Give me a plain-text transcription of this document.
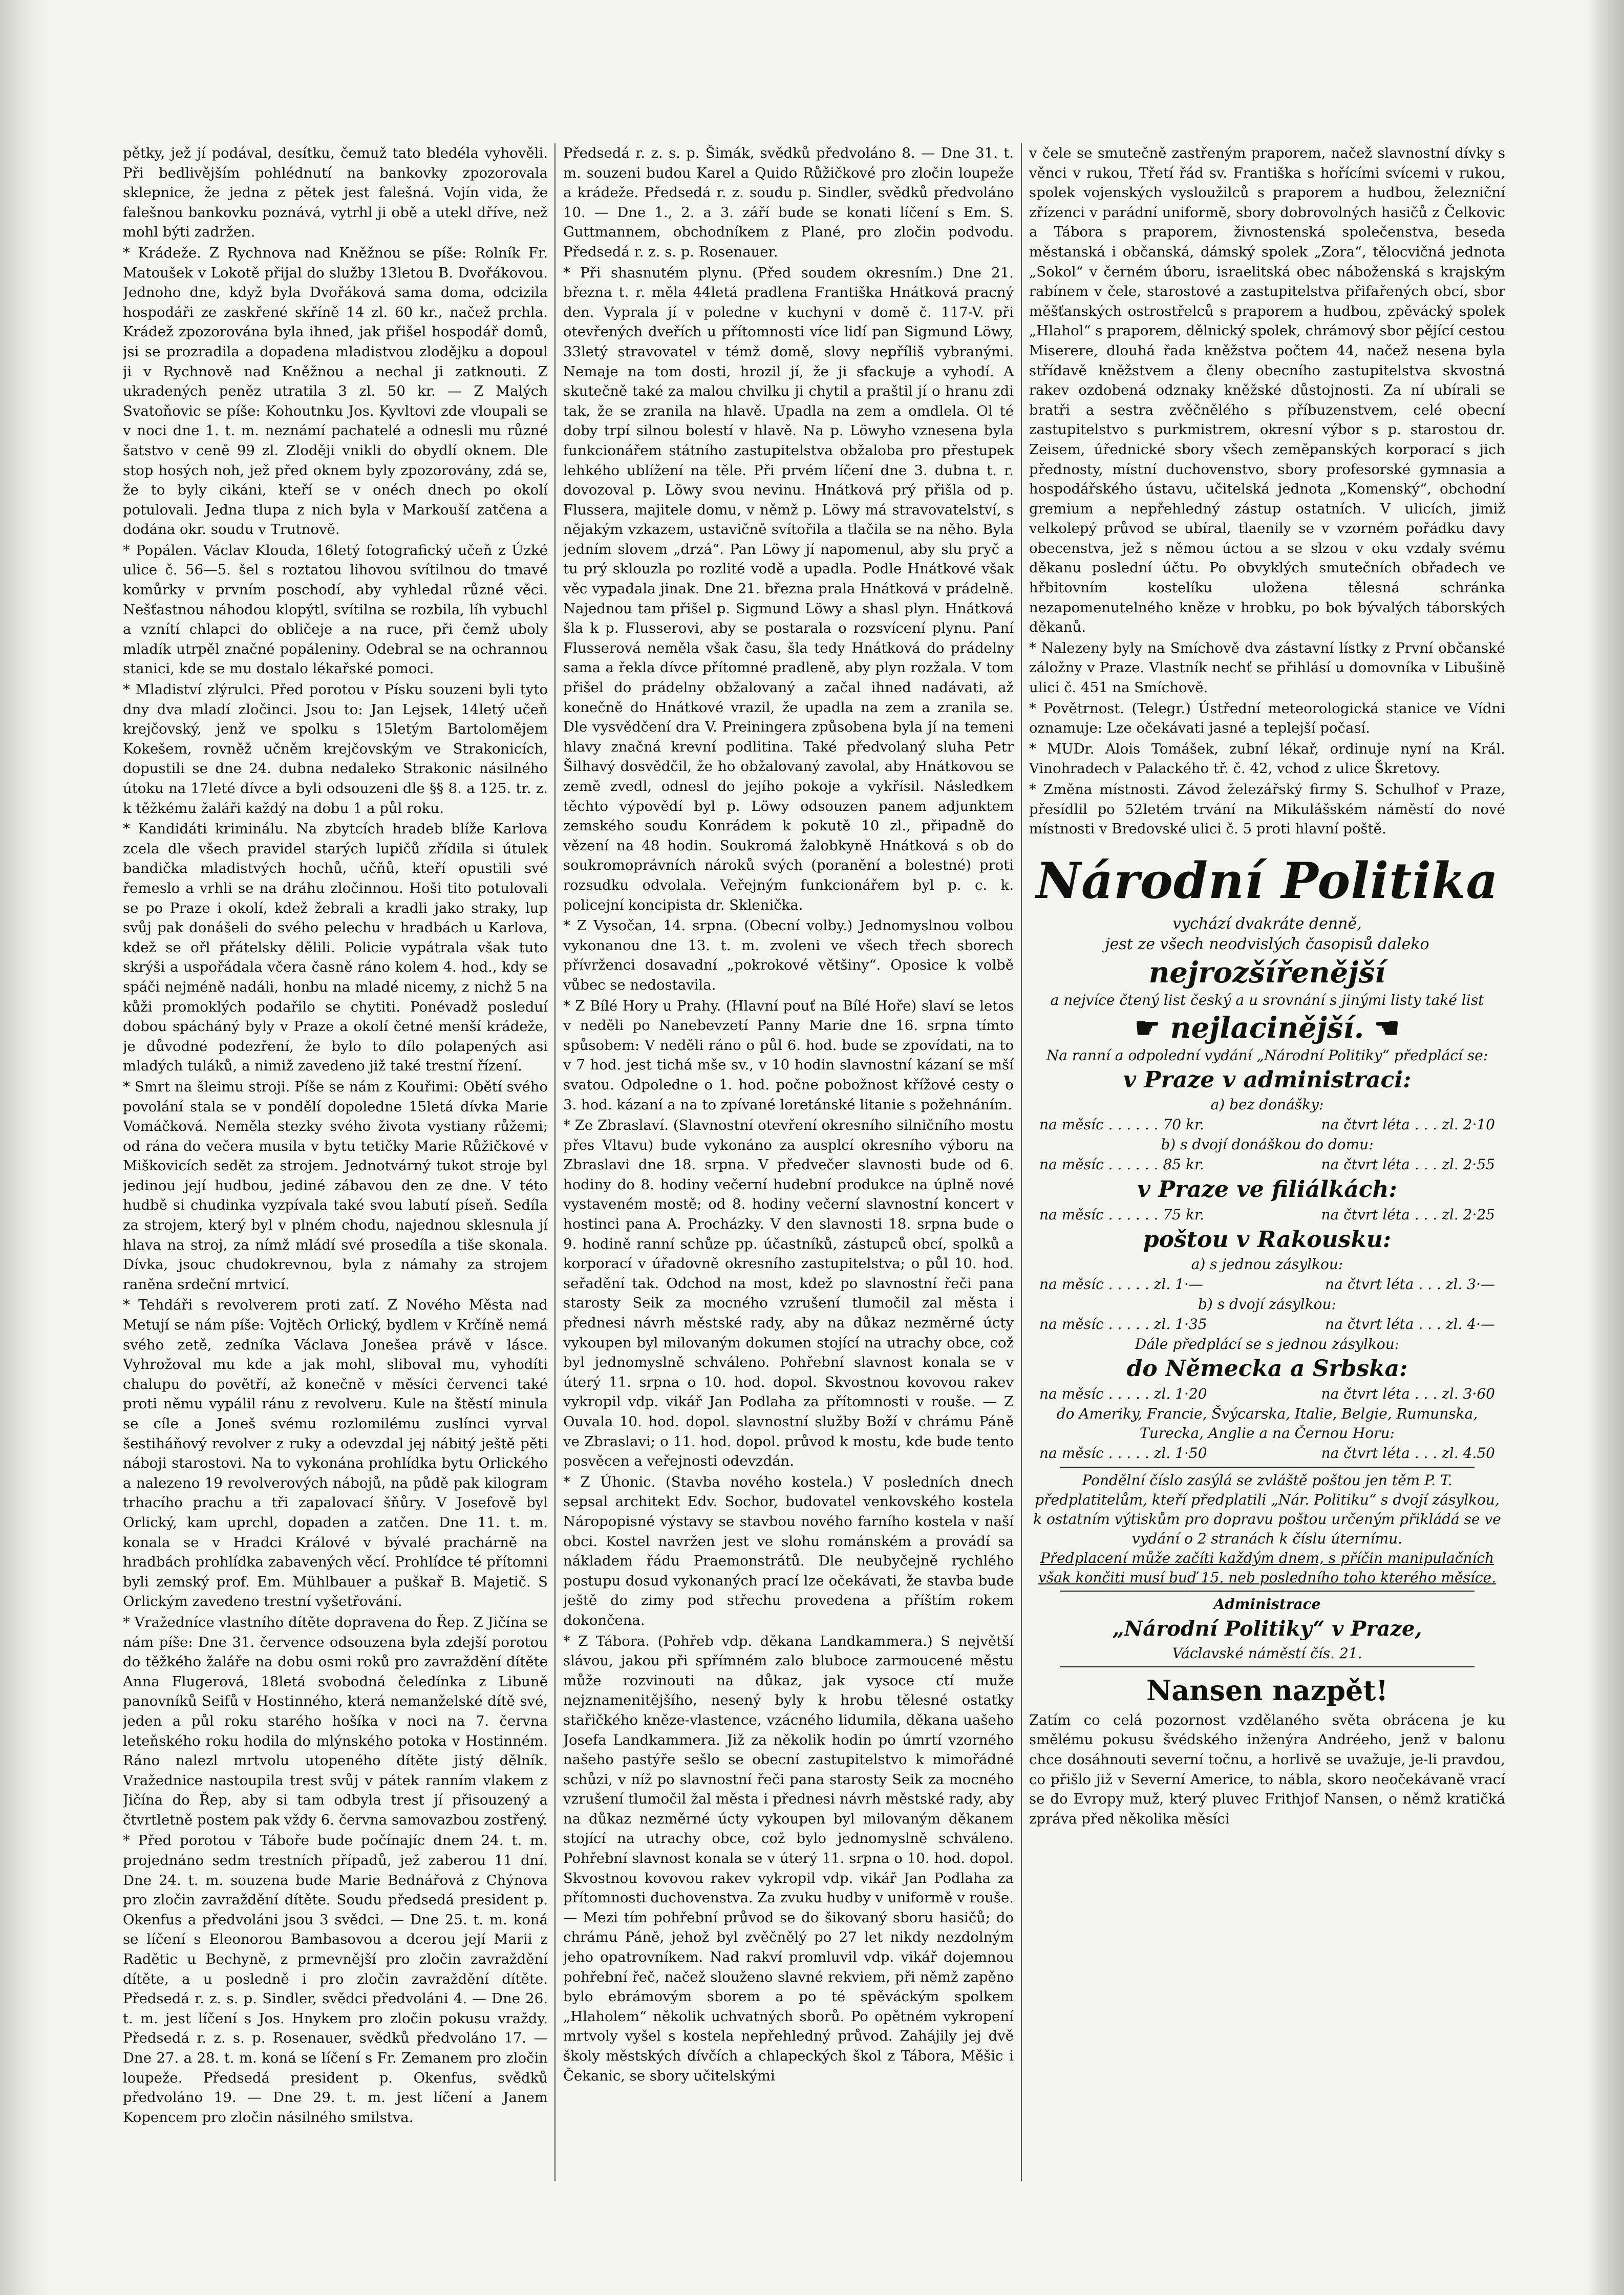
pětky, jež jí podával, desítku, čemuž tato bledéla vyhověli. Při bedlivějším pohlédnutí na bankovky zpozorovala sklepnice, že jedna z pětek jest falešná. Vojín vida, že falešnou bankovku poznává, vytrhl ji obě a utekl dříve, než mohl býti zadržen.

* Krádeže. Z Rychnova nad Kněžnou se píše: Rolník Fr. Matoušek v Lokotě přijal do služby 13letou B. Dvořákovou. Jednoho dne, když byla Dvořáková sama doma, odcizila hospodáři ze zaskřené skříně 14 zl. 60 kr., načež prchla. Krádež zpozorována byla ihned, jak přišel hospodář domů, jsi se prozradila a dopadena mladistvou zlodějku a dopoul ji v Rychnově nad Kněžnou a nechal ji zatknouti. Z ukradených peněz utratila 3 zl. 50 kr. — Z Malých Svatoňovic se píše: Kohoutnku Jos. Kyvltovi zde vloupali se v noci dne 1. t. m. neznámí pachatelé a odnesli mu různé šatstvo v ceně 99 zl. Zloději vnikli do obydlí oknem. Dle stop hosých noh, jež před oknem byly zpozorovány, zdá se, že to byly cikáni, kteří se v onéch dnech po okolí potulovali. Jedna tlupa z nich byla v Markouší zatčena a dodána okr. soudu v Trutnově.

* Popálen. Václav Klouda, 16letý fotografický učeň z Úzké ulice č. 56—5. šel s roztatou lihovou svítilnou do tmavé komůrky v prvním poschodí, aby vyhledal různé věci. Nešťastnou náhodou klopýtl, svítilna se rozbila, líh vybuchl a vznítí chlapci do obličeje a na ruce, při čemž uboly mladík utrpěl značné popáleniny. Odebral se na ochrannou stanici, kde se mu dostalo lékařské pomoci.

* Mladiství zlýrulci. Před porotou v Písku souzeni byli tyto dny dva mladí zločinci. Jsou to: Jan Lejsek, 14letý učeň krejčovský, jenž ve spolku s 15letým Bartolomějem Kokešem, rovněž učněm krejčovským ve Strakonicích, dopustili se dne 24. dubna nedaleko Strakonic násilného útoku na 17leté dívce a byli odsouzeni dle §§ 8. a 125. tr. z. k těžkému žaláři každý na dobu 1 a půl roku.

* Kandidáti kriminálu. Na zbytcích hradeb blíže Karlova zcela dle všech pravidel starých lupičů zřídila si útulek bandička mladistvých hochů, učňů, kteří opustili své řemeslo a vrhli se na dráhu zločinnou. Hoši tito potulovali se po Praze i okolí, kdež žebrali a kradli jako straky, lup svůj pak donášeli do svého pelechu v hradbách u Karlova, kdež se ořl přátelsky dělili. Policie vypátrala však tuto skrýši a uspořádala včera časně ráno kolem 4. hod., kdy se spáči nejméně nadáli, honbu na mladé nicemy, z nichž 5 na kůži promoklých podařilo se chytiti. Ponévadž posleduí dobou spácháný byly v Praze a okolí četné menší krádeže, je důvodné podezření, že bylo to dílo polapených asi mladých tuláků, a nimiž zavedeno již také trestní řízení.

* Smrt na šleimu stroji. Píše se nám z Kouřimi: Obětí svého povolání stala se v pondělí dopoledne 15letá dívka Marie Vomáčková. Neměla stezky svého života vystiany růžemi; od rána do večera musila v bytu tetičky Marie Růžičkové v Miškovicích sedět za strojem. Jednotvárný tukot stroje byl jedinou její hudbou, jediné zábavou den ze dne. V této hudbě si chudinka vyzpívala také svou labutí píseň. Sedíla za strojem, který byl v plném chodu, najednou sklesnula jí hlava na stroj, za nímž mládí své prosedíla a tiše skonala. Dívka, jsouc chudokrevnou, byla z námahy za strojem raněna srdeční mrtvicí.

* Tehdáři s revolverem proti zatí. Z Nového Města nad Metují se nám píše: Vojtěch Orlický, bydlem v Krčíně nemá svého zetě, zedníka Václava Jonešea právě v lásce. Vyhrožoval mu kde a jak mohl, sliboval mu, vyhodíti chalupu do povětří, až konečně v měsíci červenci také proti němu vypálil ránu z revolveru. Kule na štěstí minula se cíle a Joneš svému rozlomilému zuslínci vyrval šestiháňový revolver z ruky a odevzdal jej nábitý ještě pěti náboji starostovi. Na to vykonána prohlídka bytu Orlického a nalezeno 19 revolverových nábojů, na půdě pak kilogram trhacího prachu a tři zapalovací šňůry. V Josefově byl Orlický, kam uprchl, dopaden a zatčen. Dne 11. t. m. konala se v Hradci Králové v bývalé prachárně na hradbách prohlídka zabavených věcí. Prohlídce té přítomni byli zemský prof. Em. Mühlbauer a puškař B. Majetič. S Orlickým zavedeno trestní vyšetřování.

* Vražedníce vlastního dítěte dopravena do Řep. Z Jičína se nám píše: Dne 31. července odsouzena byla zdejší porotou do těžkého žaláře na dobu osmi roků pro zavraždění dítěte Anna Flugerová, 18letá svobodná čeledínka z Libuně panovníků Seifů v Hostinného, která nemanželské dítě své, jeden a půl roku starého hošíka v noci na 7. června leteňského roku hodila do mlýnského potoka v Hostinném. Ráno nalezl mrtvolu utopeného dítěte jistý dělník. Vražednice nastoupila trest svůj v pátek ranním vlakem z Jičína do Řep, aby si tam odbyla trest jí přisouzený a čtvrtletně postem pak vždy 6. června samovazbou zostřený.

* Před porotou v Táboře bude počínajíc dnem 24. t. m. projednáno sedm trestních případů, jež zaberou 11 dní. Dne 24. t. m. souzena bude Marie Bednářová z Chýnova pro zločin zavraždění dítěte. Soudu předsedá president p. Okenfus a předvoláni jsou 3 svědci. — Dne 25. t. m. koná se líčení s Eleonorou Bambasovou a dcerou její Marii z Radětic u Bechyně, z prmevnější pro zločin zavraždění dítěte, a u posledně i pro zločin zavraždění dítěte. Předsedá r. z. s. p. Sindler, svědci předvoláni 4. — Dne 26. t. m. jest líčení s Jos. Hnykem pro zločin pokusu vraždy. Předsedá r. z. s. p. Rosenauer, svědků předvoláno 17. — Dne 27. a 28. t. m. koná se líčení s Fr. Zemanem pro zločin loupeže. Předsedá president p. Okenfus, svědků předvoláno 19. — Dne 29. t. m. jest líčení a Janem Kopencem pro zločin násilného smilstva.

Předsedá r. z. s. p. Šimák, svědků předvoláno 8. — Dne 31. t. m. souzeni budou Karel a Quido Růžičkové pro zločin loupeže a krádeže. Předsedá r. z. soudu p. Sindler, svědků předvoláno 10. — Dne 1., 2. a 3. září bude se konati líčení s Em. S. Guttmannem, obchodníkem z Plané, pro zločin podvodu. Předsedá r. z. s. p. Rosenauer.

* Při shasnutém plynu. (Před soudem okresním.) Dne 21. března t. r. měla 44letá pradlena Františka Hnátková pracný den. Vyprala jí v poledne v kuchyni v domě č. 117-V. při otevřených dveřích u přítomnosti více lidí pan Sigmund Löwy, 33letý stravovatel v témž domě, slovy nepříliš vybranými. Nemaje na tom dosti, hrozil jí, že ji sfackuje a vyhodí. A skutečně také za malou chvilku ji chytil a praštil jí o hranu zdi tak, že se zranila na hlavě. Upadla na zem a omdlela. Ol té doby trpí silnou bolestí v hlavě. Na p. Löwyho vznesena byla funkcionářem státního zastupitelstva obžaloba pro přestupek lehkého ublížení na těle. Při prvém líčení dne 3. dubna t. r. dovozoval p. Löwy svou nevinu. Hnátková prý přišla od p. Flussera, majitele domu, v němž p. Löwy má stravovatelství, s nějakým vzkazem, ustavičně svítořila a tlačila se na něho. Byla jedním slovem „drzá“. Pan Löwy jí napomenul, aby slu pryč a tu prý sklouzla po rozlité vodě a upadla. Podle Hnátkové však věc vypadala jinak. Dne 21. března prala Hnátková v prádelně. Najednou tam přišel p. Sigmund Löwy a shasl plyn. Hnátková šla k p. Flusserovi, aby se postarala o rozsvícení plynu. Paní Flusserová neměla však času, šla tedy Hnátková do prádelny sama a řekla dívce přítomné pradleně, aby plyn rozžala. V tom přišel do prádelny obžalovaný a začal ihned nadávati, až konečně do Hnátkové vrazil, že upadla na zem a zranila se. Dle vysvědčení dra V. Preiningera způsobena byla jí na temeni hlavy značná krevní podlitina. Také předvolaný sluha Petr Šilhavý dosvědčil, že ho obžalovaný zavolal, aby Hnátkovou se země zvedl, odnesl do jejího pokoje a vykřísil. Následkem těchto výpovědí byl p. Löwy odsouzen panem adjunktem zemského soudu Konrádem k pokutě 10 zl., připadně do vězení na 48 hodin. Soukromá žalobkyně Hnátková s ob do soukromoprávních nároků svých (poranění a bolestné) proti rozsudku odvolala. Veřejným funkcionářem byl p. c. k. policejní koncipista dr. Sklenička.

* Z Vysočan, 14. srpna. (Obecní volby.) Jednomyslnou volbou vykonanou dne 13. t. m. zvoleni ve všech třech sborech přívrženci dosavadní „pokrokové většiny“. Oposice k volbě vůbec se nedostavila.

* Z Bílé Hory u Prahy. (Hlavní pouť na Bílé Hoře) slaví se letos v neděli po Nanebevzetí Panny Marie dne 16. srpna tímto spůsobem: V neděli ráno o půl 6. hod. bude se zpovídati, na to v 7 hod. jest tichá mše sv., v 10 hodin slavnostní kázaní se mší svatou. Odpoledne o 1. hod. počne pobožnost křížové cesty o 3. hod. kázaní a na to zpívané loretánské litanie s požehnáním.

* Ze Zbraslaví. (Slavnostní otevření okresního silničního mostu přes Vltavu) bude vykonáno za ausplcí okresního výboru na Zbraslavi dne 18. srpna. V předvečer slavnosti bude od 6. hodiny do 8. hodiny večerní hudební produkce na úplně nové vystaveném mostě; od 8. hodiny večerní slavnostní koncert v hostinci pana A. Procházky. V den slavnosti 18. srpna bude o 9. hodině ranní schůze pp. účastníků, zástupců obcí, spolků a korporací v úřadovně okresního zastupitelstva; o půl 10. hod. seřadění tak. Odchod na most, kdež po slavnostní řeči pana starosty Seik za mocného vzrušení tlumočil zal města i přednesi návrh městské rady, aby na důkaz nezměrné úcty vykoupen byl milovaným dokumen stojící na utrachy obce, což byl jednomyslně schváleno. Pohřební slavnost konala se v úterý 11. srpna o 10. hod. dopol. Skvostnou kovovou rakev vykropil vdp. vikář Jan Podlaha za přítomnosti v rouše. — Z Ouvala 10. hod. dopol. slavnostní služby Boží v chrámu Páně ve Zbraslavi; o 11. hod. dopol. průvod k mostu, kde bude tento posvěcen a veřejnosti odevzdán.

* Z Úhonic. (Stavba nového kostela.) V posledních dnech sepsal architekt Edv. Sochor, budovatel venkovského kostela Náropopisné výstavy se stavbou nového farního kostela v naší obci. Kostel navržen jest ve slohu románském a provádí sa nákladem řádu Praemonstrátů. Dle neubyčejně rychlého postupu dosud vykonaných prací lze očekávati, že stavba bude ještě do zimy pod střechu provedena a příštím rokem dokončena.

* Z Tábora. (Pohřeb vdp. děkana Landkammera.) S největší slávou, jakou při spřímném zalo bluboce zarmoucené městu může rozvinouti na důkaz, jak vysoce ctí muže nejznamenitějšího, nesený byly k hrobu tělesné ostatky stařičkého kněze-vlastence, vzácného lidumila, děkana uašeho Josefa Landkammera. Již za několik hodin po úmrtí vzorného našeho pastýře sešlo se obecní zastupitelstvo k mimořádné schůzi, v níž po slavnostní řeči pana starosty Seik za mocného vzrušení tlumočil žal města i přednesi návrh městské rady, aby na důkaz nezměrné úcty vykoupen byl milovaným děkanem stojící na utrachy obce, což bylo jednomyslně schváleno. Pohřební slavnost konala se v úterý 11. srpna o 10. hod. dopol. Skvostnou kovovou rakev vykropil vdp. vikář Jan Podlaha za přítomnosti duchovenstva. Za zvuku hudby v uniformě v rouše. — Mezi tím pohřební průvod se do šikovaný sboru hasičů; do chrámu Páně, jehož byl zvěčnělý po 27 let nikdy nezdolným jeho opatrovníkem. Nad rakví promluvil vdp. vikář dojemnou pohřební řeč, načež slouženo slavné rekviem, při němž zapěno bylo ebrámovým sborem a po té spěváckým spolkem „Hlaholem“ několik uchvatných sborů. Po opětném vykropení mrtvoly vyšel s kostela nepřehledný průvod. Zahájily jej dvě školy městských dívčích a chlapeckých škol z Tábora, Měšic i Čekanic, se sbory učitelskými

v čele se smutečně zastřeným praporem, načež slavnostní dívky s věnci v rukou, Třetí řád sv. Františka s hořícími svícemi v rukou, spolek vojenských vysloužilců s praporem a hudbou, železniční zřízenci v parádní uniformě, sbory dobrovolných hasičů z Čelkovic a Tábora s praporem, živnostenská společenstva, beseda městanská i občanská, dámský spolek „Zora“, tělocvičná jednota „Sokol“ v černém úboru, israelitská obec náboženská s krajským rabínem v čele, starostové a zastupitelstva přifařených obcí, sbor měšťanských ostrostřelců s praporem a hudbou, zpěvácký spolek „Hlahol“ s praporem, dělnický spolek, chrámový sbor pějící cestou Miserere, dlouhá řada kněžstva počtem 44, načež nesena byla střídavě kněžstvem a členy obecního zastupitelstva skvostná rakev ozdobená odznaky kněžské důstojnosti. Za ní ubírali se bratři a sestra zvěčnělého s příbuzenstvem, celé obecní zastupitelstvo s purkmistrem, okresní výbor s p. starostou dr. Zeisem, úřednické sbory všech zeměpanských korporací s jich přednosty, místní duchovenstvo, sbory profesorské gymnasia a hospodářského ústavu, učitelská jednota „Komenský“, obchodní gremium a nepřehledný zástup ostatních. V ulicích, jimiž velkolepý průvod se ubíral, tlaenily se v vzorném pořádku davy obecenstva, jež s němou úctou a se slzou v oku vzdaly svému děkanu poslední účtu. Po obvyklých smutečních obřadech ve hřbitovním kostelíku uložena tělesná schránka nezapomenutelného kněze v hrobku, po bok bývalých táborských děkanů.

* Nalezeny byly na Smíchově dva zástavní lístky z První občanské záložny v Praze. Vlastník nechť se přihlásí u domovníka v Libušině ulici č. 451 na Smíchově.

* Povětrnost. (Telegr.) Ústřední meteorologická stanice ve Vídni oznamuje: Lze očekávati jasné a teplejší počasí.

* MUDr. Alois Tomášek, zubní lékař, ordinuje nyní na Král. Vinohradech v Palackého tř. č. 42, vchod z ulice Škretovy.

* Změna místnosti. Závod železářský firmy S. Schulhof v Praze, přesídlil po 52letém trvání na Mikulášském náměstí do nové místnosti v Bredovské ulici č. 5 proti hlavní poště.

Národní Politika
vychází dvakráte denně,
jest ze všech neodvislých časopisů daleko
nejrozšířenější
a nejvíce čtený list český a u srovnání s jinými listy také list
☛ nejlacinější. ☚
Na ranní a odpolední vydání „Národní Politiky“ předplácí se:
v Praze v administraci:
a) bez donášky:
na měsíc . . . . . . 70 kr.	na čtvrt léta . . . zl. 2·10
b) s dvojí donáškou do domu:
na měsíc . . . . . . 85 kr.	na čtvrt léta . . . zl. 2·55
v Praze ve filiálkách:
na měsíc . . . . . . 75 kr.	na čtvrt léta . . . zl. 2·25
poštou v Rakousku:
a) s jednou zásylkou:
na měsíc . . . . . zl. 1·—	na čtvrt léta . . . zl. 3·—
b) s dvojí zásylkou:
na měsíc . . . . . zl. 1·35	na čtvrt léta . . . zl. 4·—
Dále předplácí se s jednou zásylkou:
do Německa a Srbska:
na měsíc . . . . . zl. 1·20	na čtvrt léta . . . zl. 3·60
do Ameriky, Francie, Švýcarska, Italie, Belgie, Rumunska, Turecka, Anglie a na Černou Horu:
na měsíc . . . . . zl. 1·50	na čtvrt léta . . . zl. 4.50
Pondělní číslo zasýlá se zvláště poštou jen těm P. T. předplatitelům, kteří předplatili „Nár. Politiku“ s dvojí zásylkou, k ostatním výtiskům pro dopravu poštou určeným přikládá se ve vydání o 2 stranách k číslu úternímu.
Předplacení může začíti každým dnem, s příčin manipulačních však končiti musí buď 15. neb posledního toho kterého měsíce.
Administrace
„Národní Politiky“ v Praze,
Václavské náměstí čís. 21.
Nansen nazpět!

Zatím co celá pozornost vzdělaného světa obrácena je ku smělému pokusu švédského inženýra Andréeho, jenž v balonu chce dosáhnouti severní točnu, a horlivě se uvažuje, je-li pravdou, co přišlo již v Severní Americe, to nábla, skoro neočekávaně vrací se do Evropy muž, který pluvec Frithjof Nansen, o němž kratičká zpráva před několika měsíci
